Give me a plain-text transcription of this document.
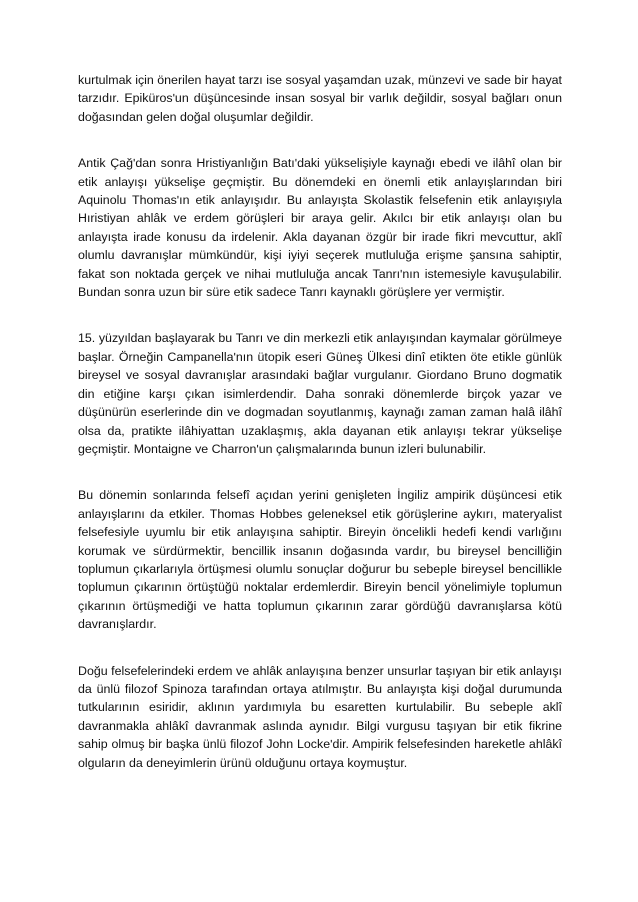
kurtulmak için önerilen hayat tarzı ise sosyal yaşamdan uzak, münzevi ve sade bir hayat tarzıdır. Epikürosʹun düşüncesinde insan sosyal bir varlık değildir, sosyal bağları onun doğasından gelen doğal oluşumlar değildir.

Antik Çağʹdan sonra Hristiyanlığın Batıʹdaki yükselişiyle kaynağı ebedi ve ilâhî olan bir etik anlayışı yükselişe geçmiştir. Bu dönemdeki en önemli etik anlayışlarından biri Aquinolu Thomasʹın etik anlayışıdır. Bu anlayışta Skolastik felsefenin etik anlayışıyla Hıristiyan ahlâk ve erdem görüşleri bir araya gelir. Akılcı bir etik anlayışı olan bu anlayışta irade konusu da irdelenir. Akla dayanan özgür bir irade fikri mevcuttur, aklî olumlu davranışlar mümkündür, kişi iyiyi seçerek mutluluğa erişme şansına sahiptir, fakat son noktada gerçek ve nihai mutluluğa ancak Tanrıʹnın istemesiyle kavuşulabilir. Bundan sonra uzun bir süre etik sadece Tanrı kaynaklı görüşlere yer vermiştir.

15. yüzyıldan başlayarak bu Tanrı ve din merkezli etik anlayışından kaymalar görülmeye başlar. Örneğin Campanellaʹnın ütopik eseri Güneş Ülkesi dinî etikten öte etikle günlük bireysel ve sosyal davranışlar arasındaki bağlar vurgulanır. Giordano Bruno dogmatik din etiğine karşı çıkan isimlerdendir. Daha sonraki dönemlerde birçok yazar ve düşünürün eserlerinde din ve dogmadan soyutlanmış, kaynağı zaman zaman halâ ilâhî olsa da, pratikte ilâhiyattan uzaklaşmış, akla dayanan etik anlayışı tekrar yükselişe geçmiştir. Montaigne ve Charronʹun çalışmalarında bunun izleri bulunabilir.

Bu dönemin sonlarında felsefî açıdan yerini genişleten İngiliz ampirik düşüncesi etik anlayışlarını da etkiler. Thomas Hobbes geleneksel etik görüşlerine aykırı, materyalist felsefesiyle uyumlu bir etik anlayışına sahiptir. Bireyin öncelikli hedefi kendi varlığını korumak ve sürdürmektir, bencillik insanın doğasında vardır, bu bireysel bencilliğin toplumun çıkarlarıyla örtüşmesi olumlu sonuçlar doğurur bu sebeple bireysel bencillikle toplumun çıkarının örtüştüğü noktalar erdemlerdir. Bireyin bencil yönelimiyle toplumun çıkarının örtüşmediği ve hatta toplumun çıkarının zarar gördüğü davranışlarsa kötü davranışlardır.

Doğu felsefelerindeki erdem ve ahlâk anlayışına benzer unsurlar taşıyan bir etik anlayışı da ünlü filozof Spinoza tarafından ortaya atılmıştır. Bu anlayışta kişi doğal durumunda tutkularının esiridir, aklının yardımıyla bu esaretten kurtulabilir. Bu sebeple aklî davranmakla ahlâkî davranmak aslında aynıdır. Bilgi vurgusu taşıyan bir etik fikrine sahip olmuş bir başka ünlü filozof John Lockeʹdir. Ampirik felsefesinden hareketle ahlâkî olguların da deneyimlerin ürünü olduğunu ortaya koymuştur.
